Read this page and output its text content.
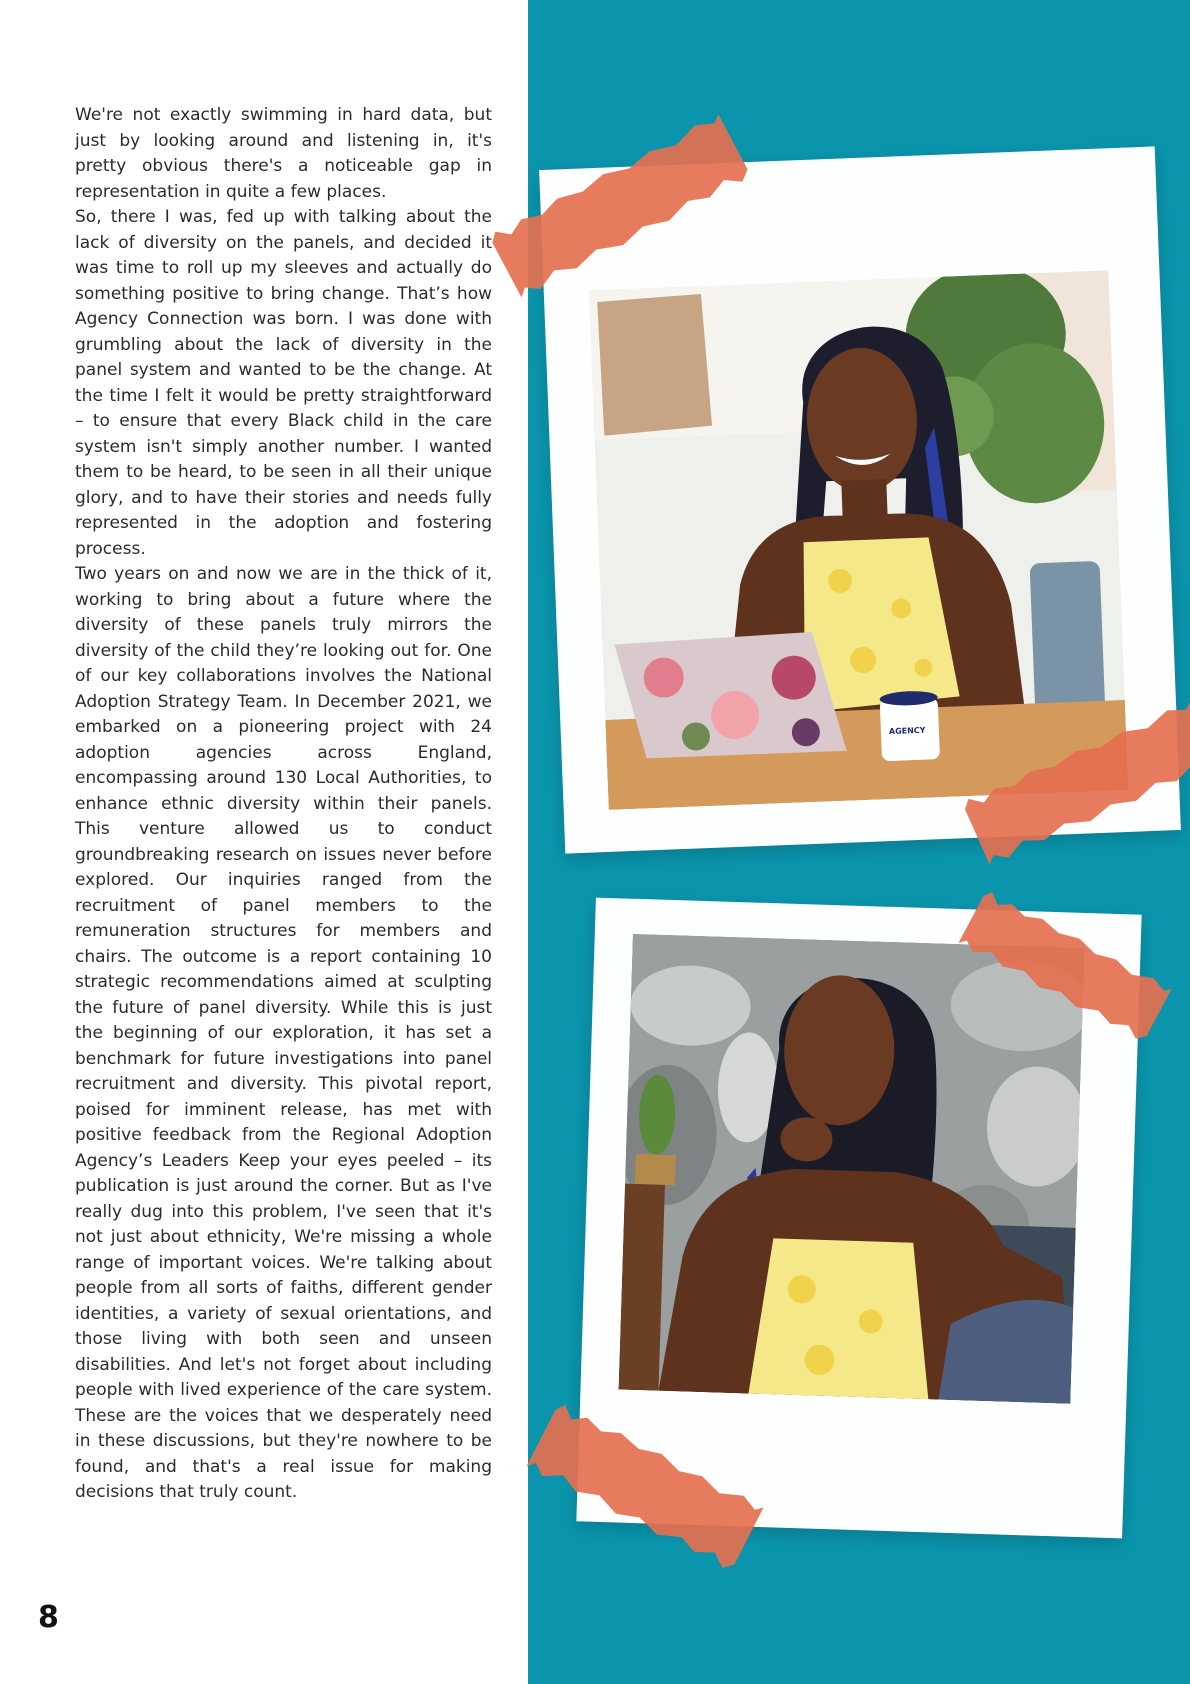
We're not exactly swimming in hard data, but just by looking around and listening in, it's pretty obvious there's a noticeable gap in representation in quite a few places.

So, there I was, fed up with talking about the lack of diversity on the panels, and decided it was time to roll up my sleeves and actually do something positive to bring change. That’s how Agency Connection was born. I was done with grumbling about the lack of diversity in the panel system and wanted to be the change. At the time I felt it would be pretty straightforward – to ensure that every Black child in the care system isn't simply another number. I wanted them to be heard, to be seen in all their unique glory, and to have their stories and needs fully represented in the adoption and fostering process.

Two years on and now we are in the thick of it, working to bring about a future where the diversity of these panels truly mirrors the diversity of the child they’re looking out for. One of our key collaborations involves the National Adoption Strategy Team. In December 2021, we embarked on a pioneering project with 24 adoption agencies across England, encompassing around 130 Local Authorities, to enhance ethnic diversity within their panels. This venture allowed us to conduct groundbreaking research on issues never before explored. Our inquiries ranged from the recruitment of panel members to the remuneration structures for members and chairs. The outcome is a report containing 10 strategic recommendations aimed at sculpting the future of panel diversity. While this is just the beginning of our exploration, it has set a benchmark for future investigations into panel recruitment and diversity. This pivotal report, poised for imminent release, has met with positive feedback from the Regional Adoption Agency’s Leaders Keep your eyes peeled – its publication is just around the corner. But as I've really dug into this problem, I've seen that it's not just about ethnicity, We're missing a whole range of important voices. We're talking about people from all sorts of faiths, different gender identities, a variety of sexual orientations, and those living with both seen and unseen disabilities. And let's not forget about including people with lived experience of the care system. These are the voices that we desperately need in these discussions, but they're nowhere to be found, and that's a real issue for making decisions that truly count.

8
AGENCY
